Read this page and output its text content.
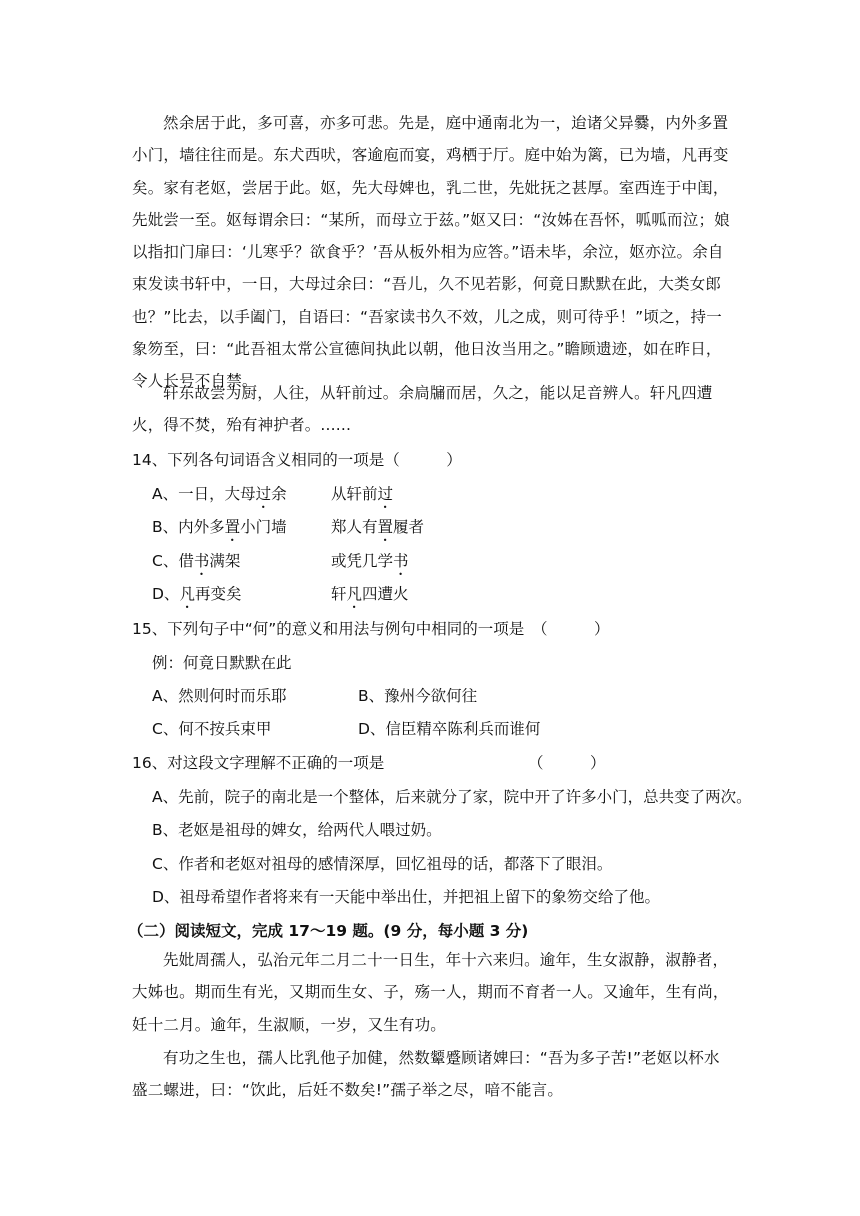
然余居于此，多可喜，亦多可悲。先是，庭中通南北为一，迨诸父异爨，内外多置小门，墙往往而是。东犬西吠，客逾庖而宴，鸡栖于厅。庭中始为篱，已为墙，凡再变矣。家有老妪，尝居于此。妪，先大母婢也，乳二世，先妣抚之甚厚。室西连于中闺，先妣尝一至。妪每谓余曰：“某所，而母立于兹。”妪又曰：“汝姊在吾怀，呱呱而泣；娘以指扣门扉曰：‘儿寒乎？欲食乎？’吾从板外相为应答。”语未毕，余泣，妪亦泣。余自束发读书轩中，一日，大母过余曰：“吾儿，久不见若影，何竟日默默在此，大类女郎也？”比去，以手阖门，自语曰：“吾家读书久不效，儿之成，则可待乎！”顷之，持一象笏至，曰：“此吾祖太常公宣德间执此以朝，他日汝当用之。”瞻顾遗迹，如在昨日，令人长号不自禁。

轩东故尝为厨，人往，从轩前过。余扃牖而居，久之，能以足音辨人。轩凡四遭火，得不焚，殆有神护者。......

14、下列各句词语含义相同的一项是（　　　）
A、一日，大母过余	从轩前过
B、内外多置小门墙	郑人有置履者
C、借书满架	或凭几学书
D、凡再变矣	轩凡四遭火
15、下列句子中“何”的意义和用法与例句中相同的一项是　（　　　）
例：何竟日默默在此
A、然则何时而乐耶	B、豫州今欲何往
C、何不按兵束甲	D、信臣精卒陈利兵而谁何
16、对这段文字理解不正确的一项是	（　　　）
A、先前，院子的南北是一个整体，后来就分了家，院中开了许多小门，总共变了两次。
B、老妪是祖母的婢女，给两代人喂过奶。
C、作者和老妪对祖母的感情深厚，回忆祖母的话，都落下了眼泪。
D、祖母希望作者将来有一天能中举出仕，并把祖上留下的象笏交给了他。
（二）阅读短文，完成 17～19 题。(9 分，每小题 3 分)

先妣周孺人，弘治元年二月二十一日生，年十六来归。逾年，生女淑静，淑静者，大姊也。期而生有光，又期而生女、子，殇一人，期而不育者一人。又逾年，生有尚，妊十二月。逾年，生淑顺，一岁，又生有功。

有功之生也，孺人比乳他子加健，然数颦蹙顾诸婢曰：“吾为多子苦!”老妪以杯水盛二螺进，曰：“饮此，后妊不数矣!”孺子举之尽，喑不能言。
